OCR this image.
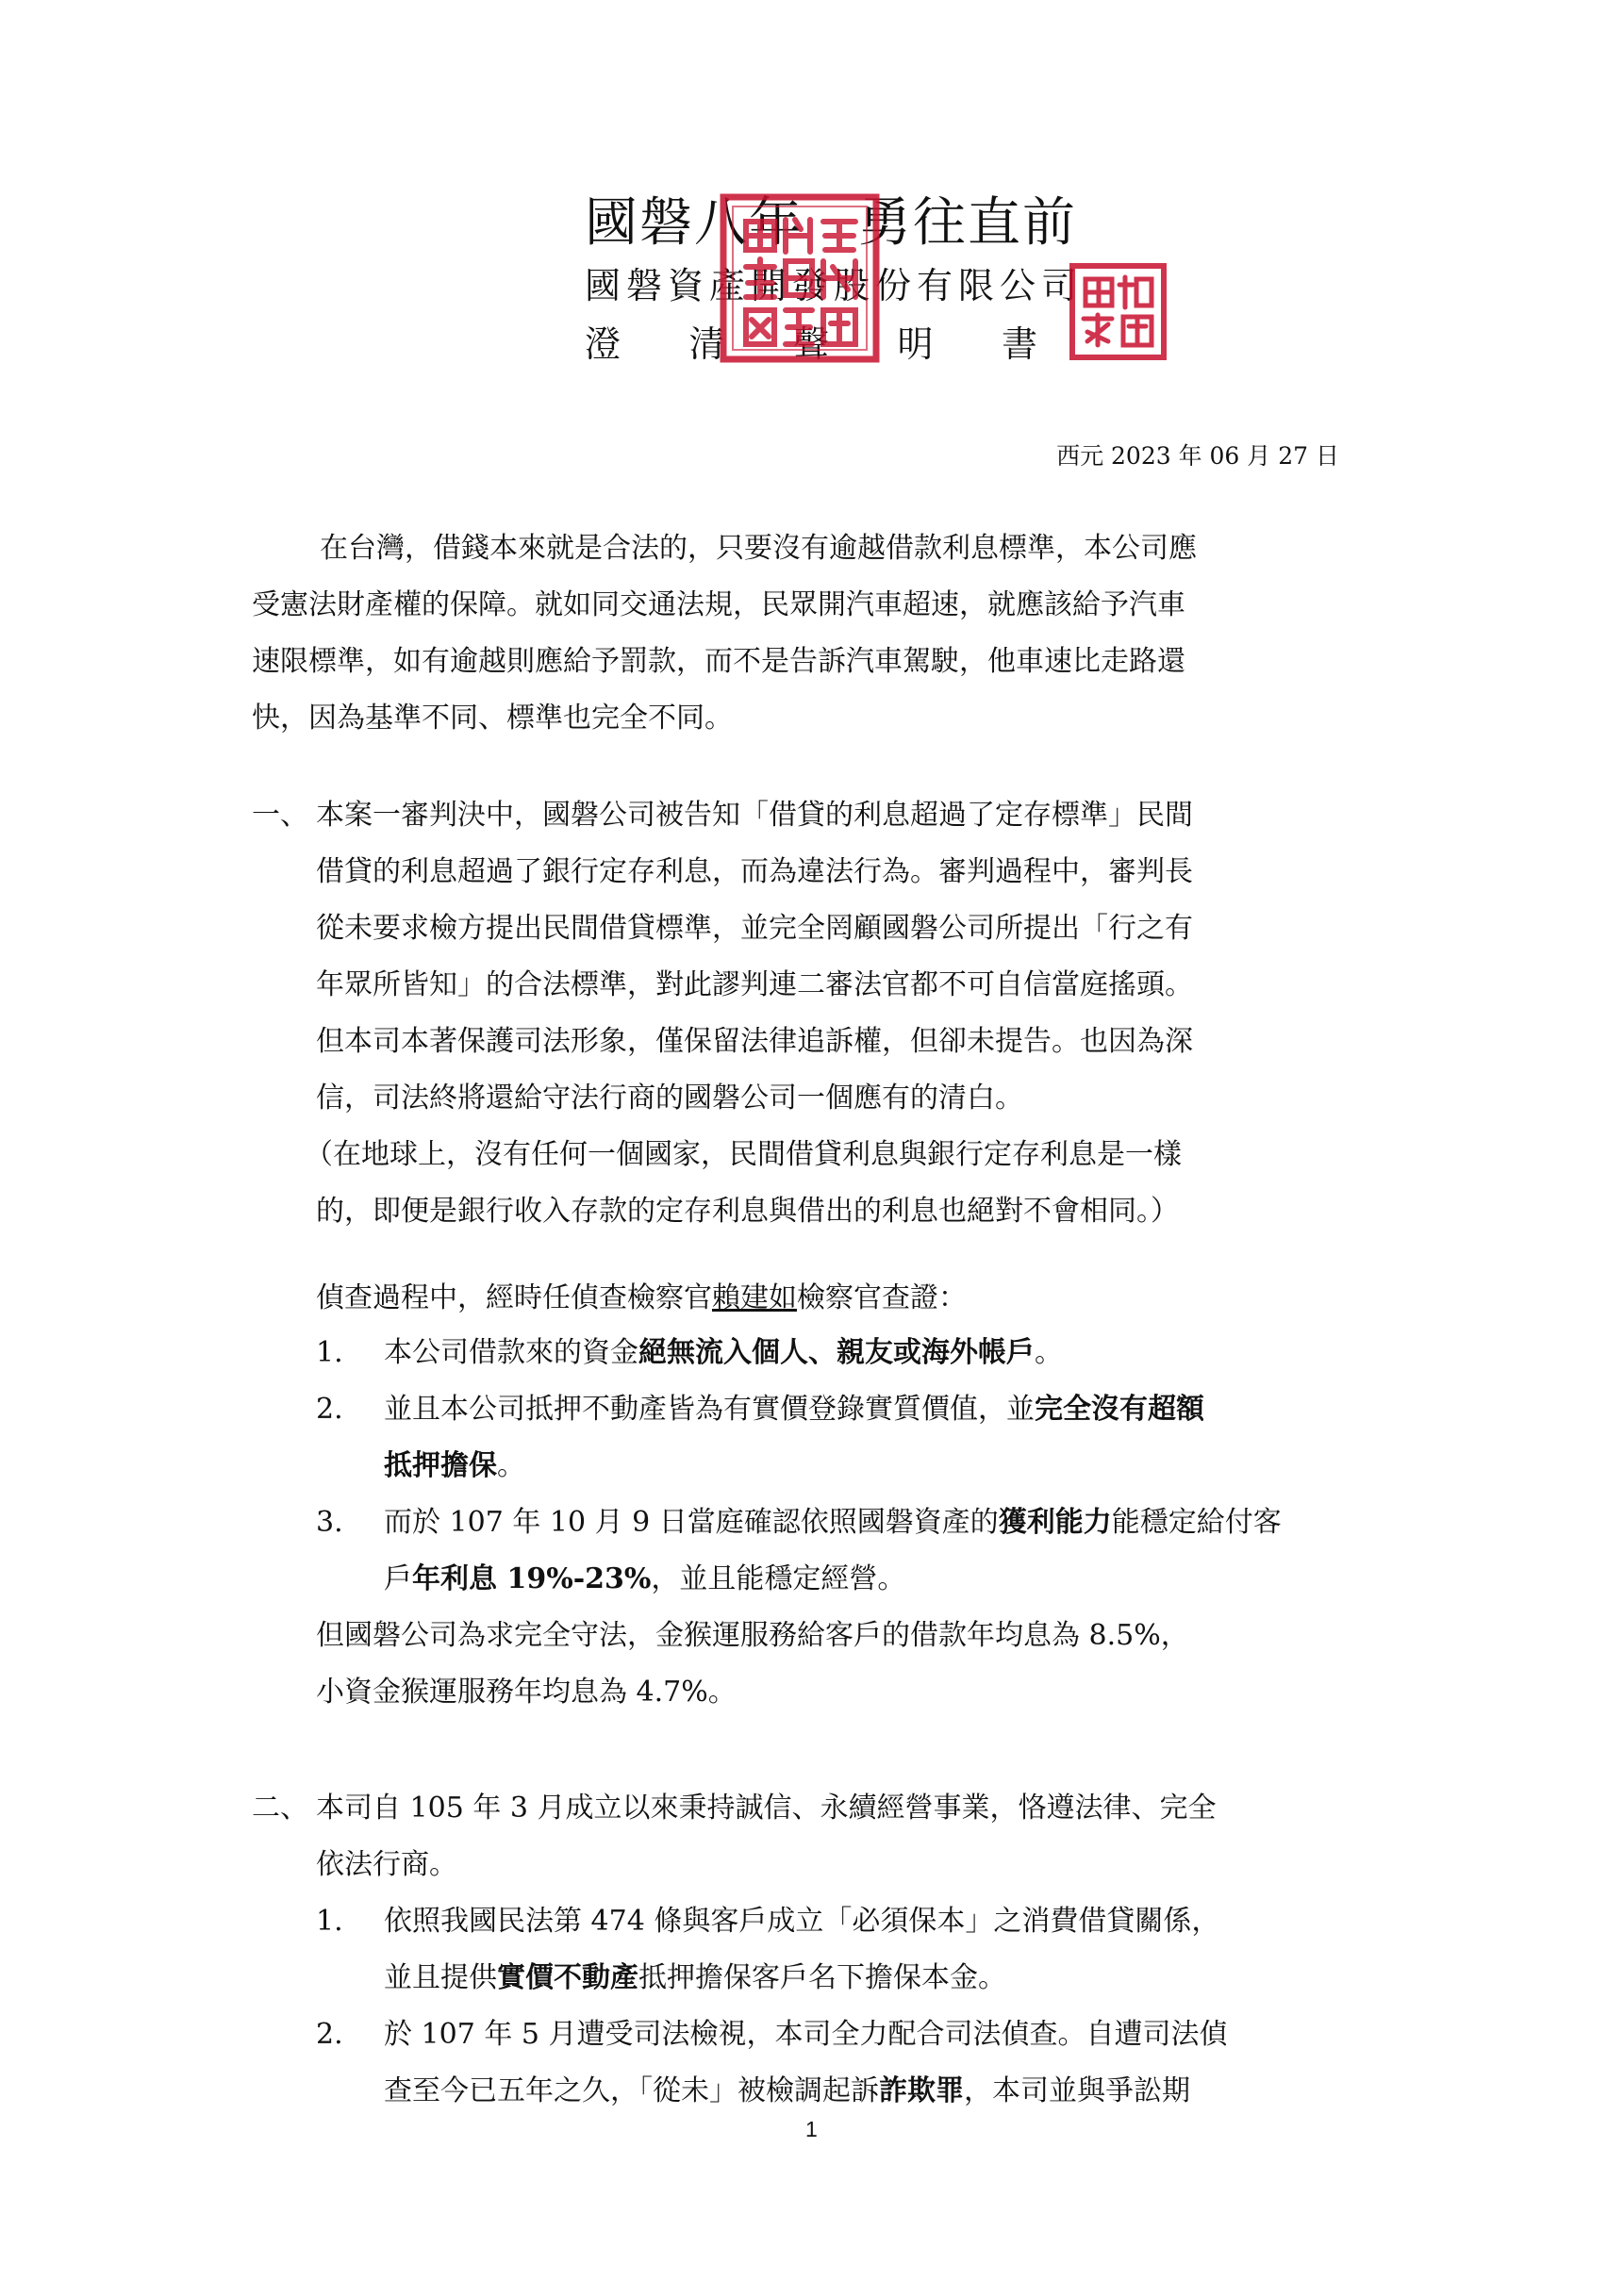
國磐八年　勇往直前
國磐資產開發股份有限公司
澄 清 聲 明 書
西元 2023 年 06 月 27 日
在台灣，借錢本來就是合法的，只要沒有逾越借款利息標準，本公司應
受憲法財產權的保障。就如同交通法規，民眾開汽車超速，就應該給予汽車
速限標準，如有逾越則應給予罰款，而不是告訴汽車駕駛，他車速比走路還
快，因為基準不同、標準也完全不同。
一、 本案一審判決中，國磐公司被告知「借貸的利息超過了定存標準」民間
借貸的利息超過了銀行定存利息，而為違法行為。審判過程中，審判長
從未要求檢方提出民間借貸標準，並完全罔顧國磐公司所提出「行之有
年眾所皆知」的合法標準，對此謬判連二審法官都不可自信當庭搖頭。
但本司本著保護司法形象，僅保留法律追訴權，但卻未提告。也因為深
信，司法終將還給守法行商的國磐公司一個應有的清白。
（在地球上，沒有任何一個國家，民間借貸利息與銀行定存利息是一樣
的，即便是銀行收入存款的定存利息與借出的利息也絕對不會相同。）
偵查過程中，經時任偵查檢察官賴建如檢察官查證：
1. 本公司借款來的資金絕無流入個人、親友或海外帳戶。
2. 並且本公司抵押不動產皆為有實價登錄實質價值，並完全沒有超額
抵押擔保。
3. 而於 107 年 10 月 9 日當庭確認依照國磐資產的獲利能力能穩定給付客
戶年利息 19%-23%，並且能穩定經營。
但國磐公司為求完全守法，金猴運服務給客戶的借款年均息為 8.5%，
小資金猴運服務年均息為 4.7%。
二、 本司自 105 年 3 月成立以來秉持誠信、永續經營事業，恪遵法律、完全
依法行商。
1. 依照我國民法第 474 條與客戶成立「必須保本」之消費借貸關係，
並且提供實價不動產抵押擔保客戶名下擔保本金。
2. 於 107 年 5 月遭受司法檢視，本司全力配合司法偵查。自遭司法偵
查至今已五年之久，「從未」被檢調起訴詐欺罪，本司並與爭訟期
1
